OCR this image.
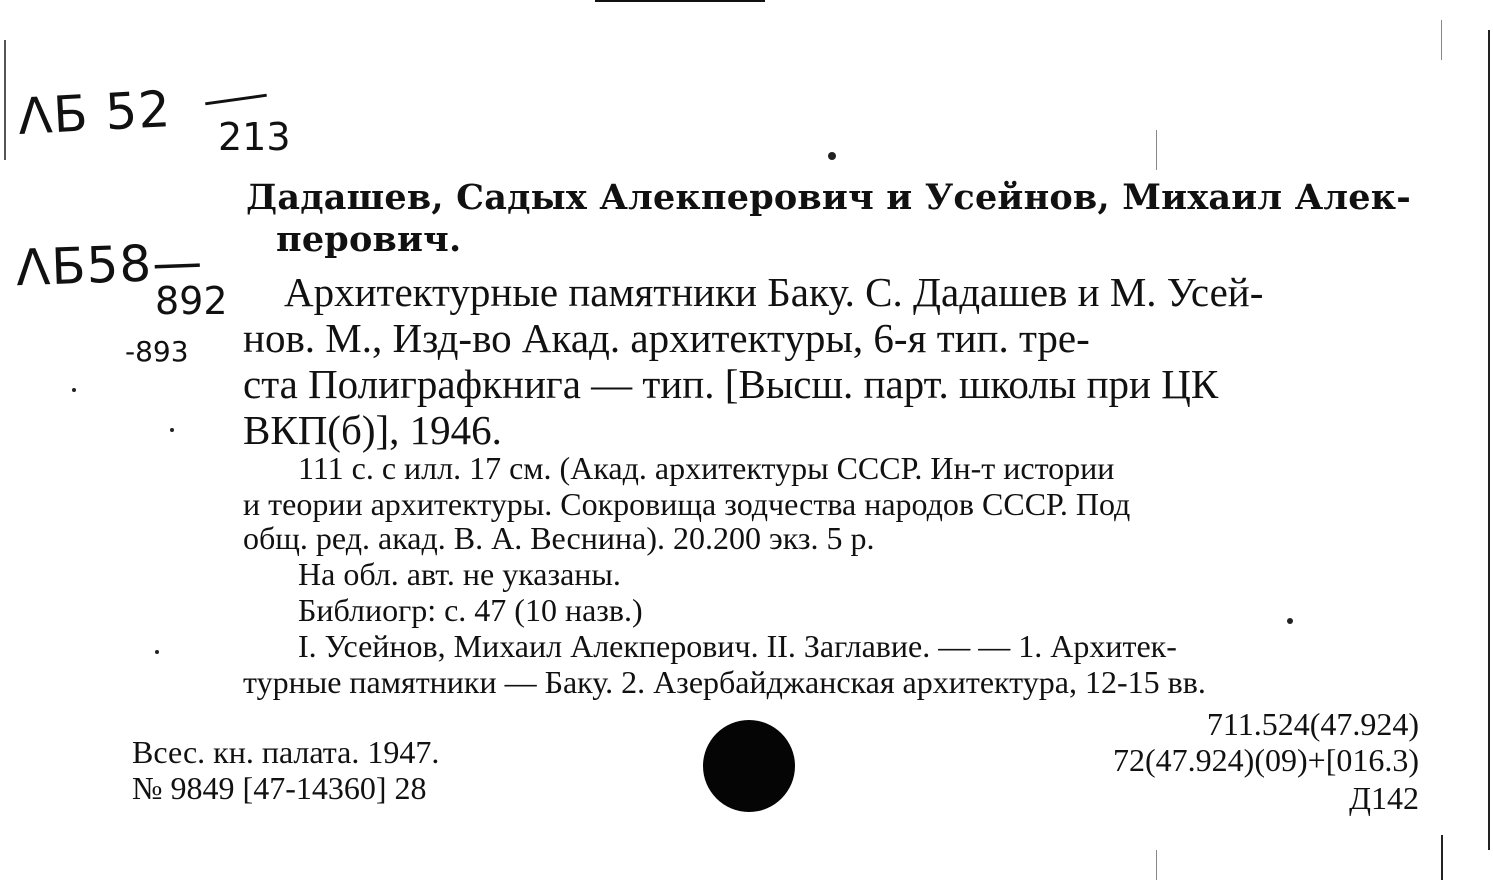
ΛБ 52 213
ΛБ58—
892
-893
Дадашев, Садых Алекперович и Усейнов, Михаил Алек-
перович.
Архитектурные памятники Баку. С. Дадашев и М. Усей-
нов. М., Изд-во Акад. архитектуры, 6-я тип. тре-
ста Полиграфкнига — тип. [Высш. парт. школы при ЦК
ВКП(б)], 1946.
111 с. с илл. 17 см. (Акад. архитектуры СССР. Ин-т истории
и теории архитектуры. Сокровища зодчества народов СССР. Под
общ. ред. акад. В. А. Веснина). 20.200 экз. 5 р.
На обл. авт. не указаны.
Библиогр: с. 47 (10 назв.)
I. Усейнов, Михаил Алекперович. II. Заглавие. — — 1. Архитек-
турные памятники — Баку. 2. Азербайджанская архитектура, 12-15 вв.
Всес. кн. палата. 1947.
№ 9849 [47-14360] 28
711.524(47.924)
72(47.924)(09)+[016.3)
Д142
